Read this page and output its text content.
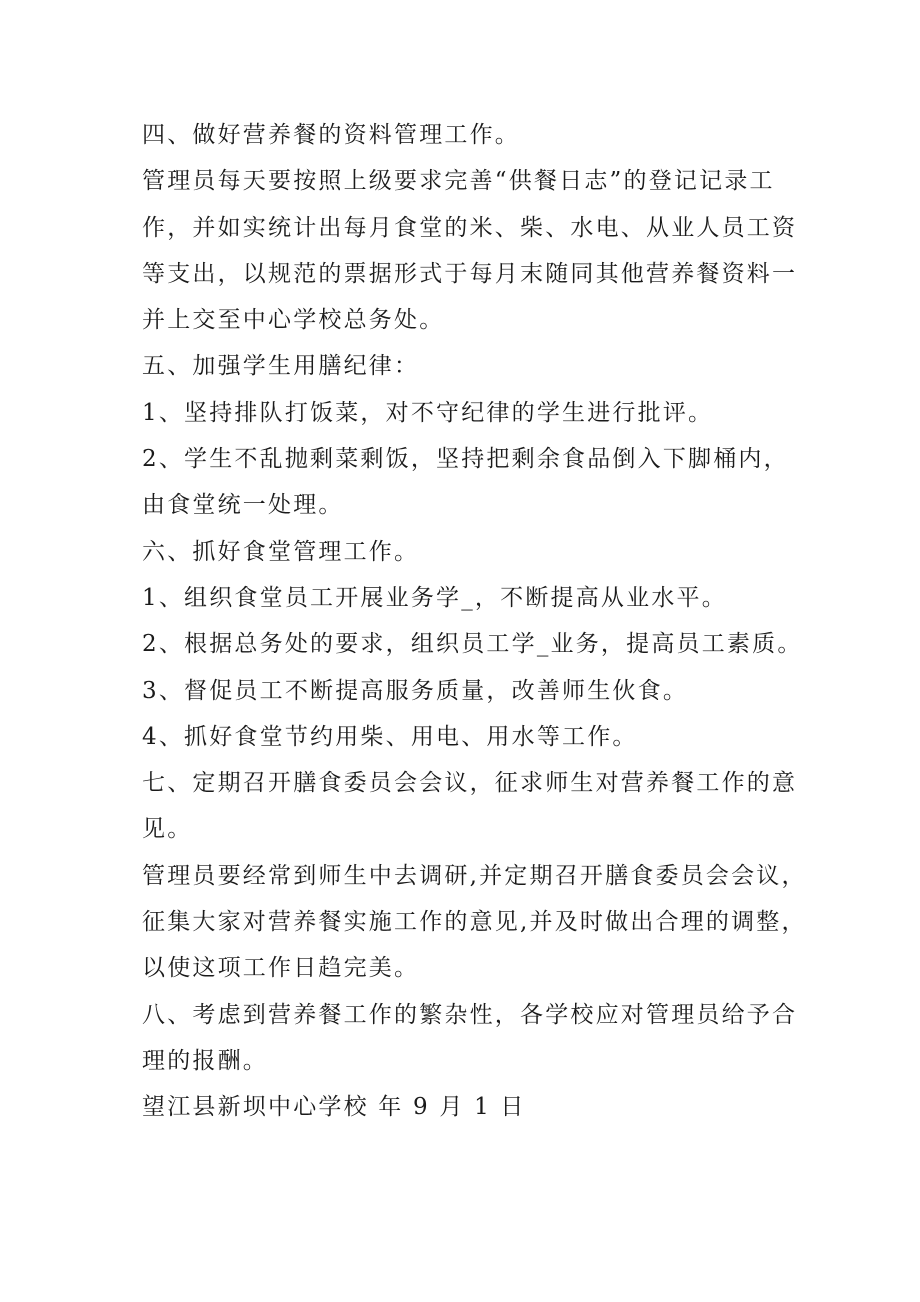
四、做好营养餐的资料管理工作。
管理员每天要按照上级要求完善“供餐日志”的登记记录工
作，并如实统计出每月食堂的米、柴、水电、从业人员工资
等支出，以规范的票据形式于每月末随同其他营养餐资料一
并上交至中心学校总务处。
五、加强学生用膳纪律：
1、坚持排队打饭菜，对不守纪律的学生进行批评。
2、学生不乱抛剩菜剩饭，坚持把剩余食品倒入下脚桶内，
由食堂统一处理。
六、抓好食堂管理工作。
1、组织食堂员工开展业务学_，不断提高从业水平。
2、根据总务处的要求，组织员工学_业务，提高员工素质。
3、督促员工不断提高服务质量，改善师生伙食。
4、抓好食堂节约用柴、用电、用水等工作。
七、定期召开膳食委员会会议，征求师生对营养餐工作的意
见。
管理员要经常到师生中去调研,并定期召开膳食委员会会议，
征集大家对营养餐实施工作的意见,并及时做出合理的调整，
以使这项工作日趋完美。
八、考虑到营养餐工作的繁杂性，各学校应对管理员给予合
理的报酬。
望江县新坝中心学校 年 9 月 1 日
